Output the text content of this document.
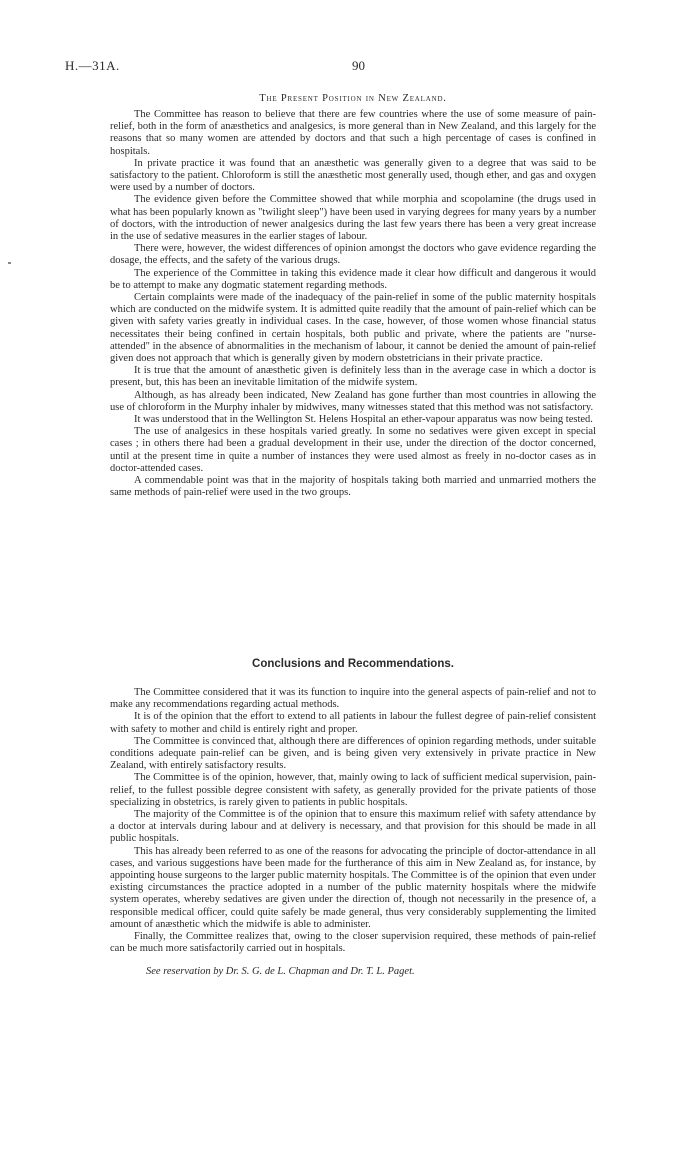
H.—31A.	90
The Present Position in New Zealand.

The Committee has reason to believe that there are few countries where the use of some measure of pain-relief, both in the form of anæsthetics and analgesics, is more general than in New Zealand, and this largely for the reasons that so many women are attended by doctors and that such a high percentage of cases is confined in hospitals.

In private practice it was found that an anæsthetic was generally given to a degree that was said to be satisfactory to the patient. Chloroform is still the anæsthetic most generally used, though ether, and gas and oxygen were used by a number of doctors.

The evidence given before the Committee showed that while morphia and scopolamine (the drugs used in what has been popularly known as "twilight sleep") have been used in varying degrees for many years by a number of doctors, with the introduction of newer analgesics during the last few years there has been a very great increase in the use of sedative measures in the earlier stages of labour.

There were, however, the widest differences of opinion amongst the doctors who gave evidence regarding the dosage, the effects, and the safety of the various drugs.

The experience of the Committee in taking this evidence made it clear how difficult and dangerous it would be to attempt to make any dogmatic statement regarding methods.

Certain complaints were made of the inadequacy of the pain-relief in some of the public maternity hospitals which are conducted on the midwife system. It is admitted quite readily that the amount of pain-relief which can be given with safety varies greatly in individual cases. In the case, however, of those women whose financial status necessitates their being confined in certain hospitals, both public and private, where the patients are "nurse-attended" in the absence of abnormalities in the mechanism of labour, it cannot be denied the amount of pain-relief given does not approach that which is generally given by modern obstetricians in their private practice.

It is true that the amount of anæsthetic given is definitely less than in the average case in which a doctor is present, but, this has been an inevitable limitation of the midwife system.

Although, as has already been indicated, New Zealand has gone further than most countries in allowing the use of chloroform in the Murphy inhaler by midwives, many witnesses stated that this method was not satisfactory.

It was understood that in the Wellington St. Helens Hospital an ether-vapour apparatus was now being tested.

The use of analgesics in these hospitals varied greatly. In some no sedatives were given except in special cases ; in others there had been a gradual development in their use, under the direction of the doctor concerned, until at the present time in quite a number of instances they were used almost as freely in no-doctor cases as in doctor-attended cases.

A commendable point was that in the majority of hospitals taking both married and unmarried mothers the same methods of pain-relief were used in the two groups.

Conclusions and Recommendations.

The Committee considered that it was its function to inquire into the general aspects of pain-relief and not to make any recommendations regarding actual methods.

It is of the opinion that the effort to extend to all patients in labour the fullest degree of pain-relief consistent with safety to mother and child is entirely right and proper.

The Committee is convinced that, although there are differences of opinion regarding methods, under suitable conditions adequate pain-relief can be given, and is being given very extensively in private practice in New Zealand, with entirely satisfactory results.

The Committee is of the opinion, however, that, mainly owing to lack of sufficient medical supervision, pain-relief, to the fullest possible degree consistent with safety, as generally provided for the private patients of those specializing in obstetrics, is rarely given to patients in public hospitals.

The majority of the Committee is of the opinion that to ensure this maximum relief with safety attendance by a doctor at intervals during labour and at delivery is necessary, and that provision for this should be made in all public hospitals.

This has already been referred to as one of the reasons for advocating the principle of doctor-attendance in all cases, and various suggestions have been made for the furtherance of this aim in New Zealand as, for instance, by appointing house surgeons to the larger public maternity hospitals. The Committee is of the opinion that even under existing circumstances the practice adopted in a number of the public maternity hospitals where the midwife system operates, whereby sedatives are given under the direction of, though not necessarily in the presence of, a responsible medical officer, could quite safely be made general, thus very considerably supplementing the limited amount of anæsthetic which the midwife is able to administer.

Finally, the Committee realizes that, owing to the closer supervision required, these methods of pain-relief can be much more satisfactorily carried out in hospitals.

See reservation by Dr. S. G. de L. Chapman and Dr. T. L. Paget.
